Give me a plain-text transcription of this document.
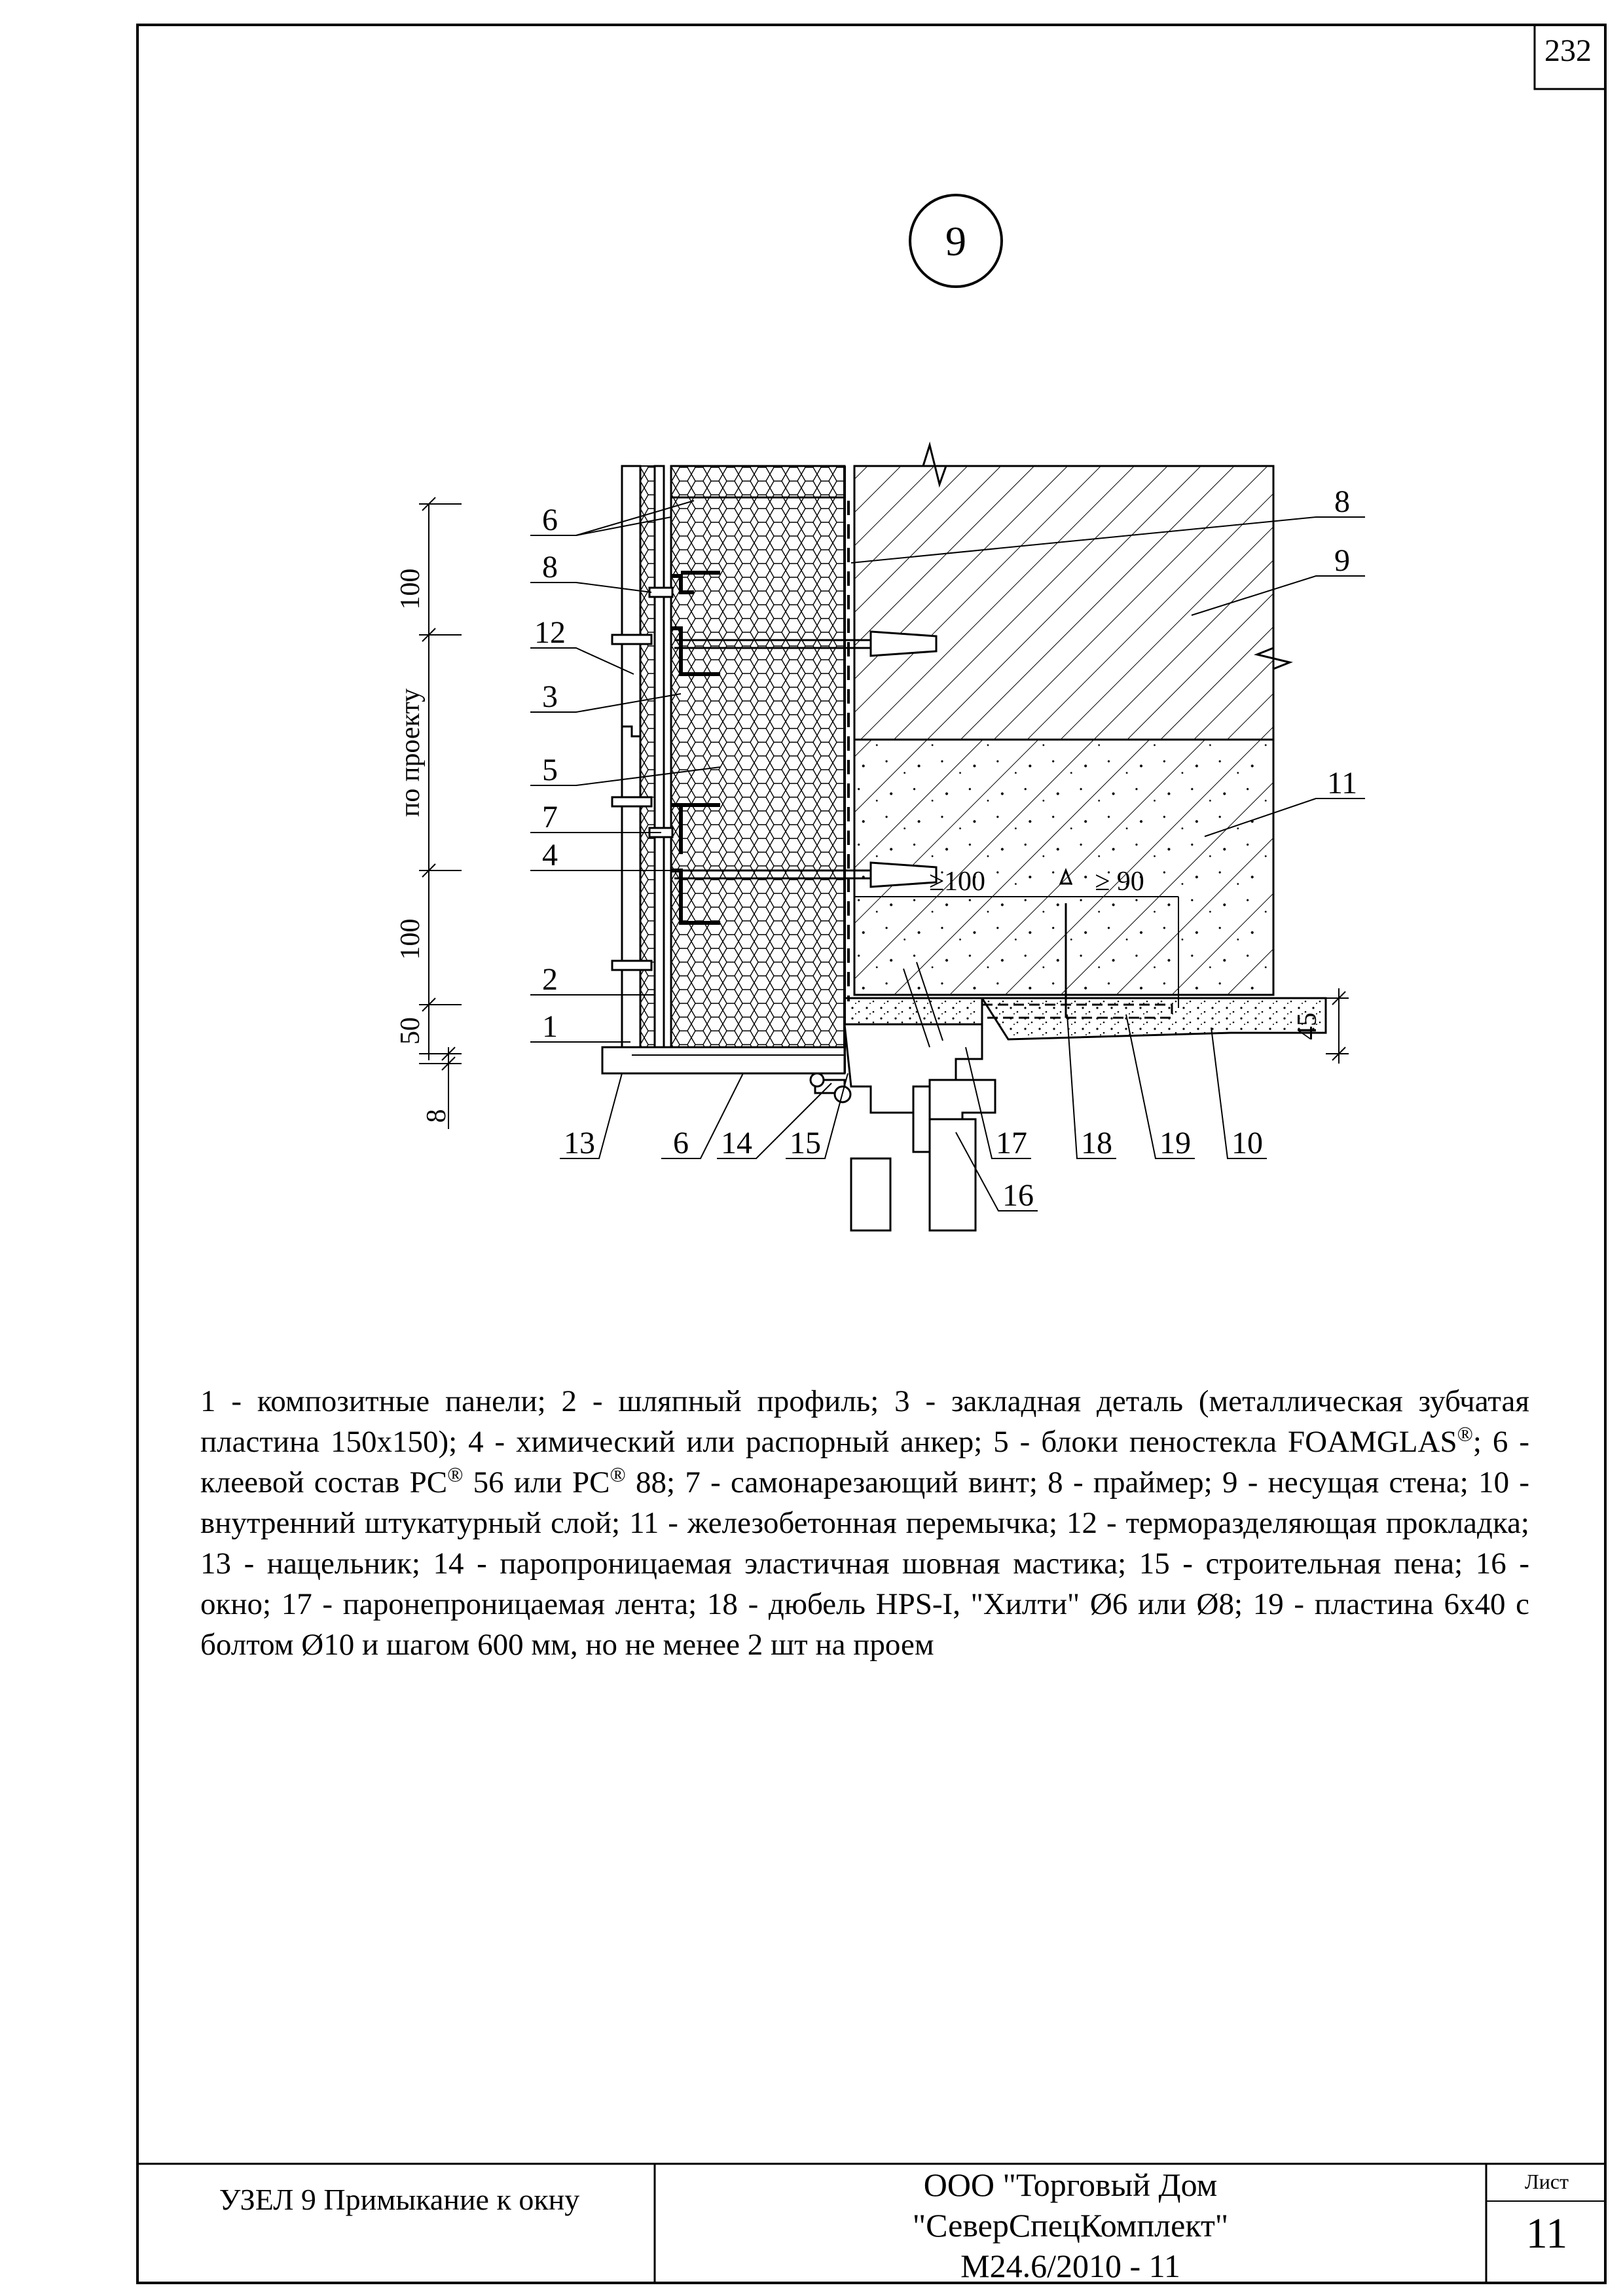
9
100
по проекту
100
50
8
45
≥100	≥ 90
6
8
12
3
5
7
4
2
1
8
9
11
13 6 14 15	17 18 19 10
16
232
1 - композитные панели; 2 - шляпный профиль; 3 - закладная деталь (металлическая зубчатая пластина 150х150); 4 - химический или распорный анкер; 5 - блоки пеностекла FOAMGLAS®; 6 - клеевой состав PC® 56 или PC® 88; 7 - самонарезающий винт; 8 - праймер; 9 - несущая стена; 10 - внутренний штукатурный слой; 11 - железобетонная перемычка; 12 - терморазделяющая прокладка; 13 - нащельник; 14 - паропроницаемая эластичная шовная мастика; 15 - строительная пена; 16 - окно; 17 - паронепроницаемая лента; 18 - дюбель HPS-I, "Хилти" Ø6 или Ø8; 19 - пластина 6х40 с болтом Ø10 и шагом 600 мм, но не менее 2 шт на проем
УЗЕЛ 9 Примыкание к окну	ООО "Торговый Дом
"СеверСпецКомплект"
М24.6/2010 - 11
Лист
11
